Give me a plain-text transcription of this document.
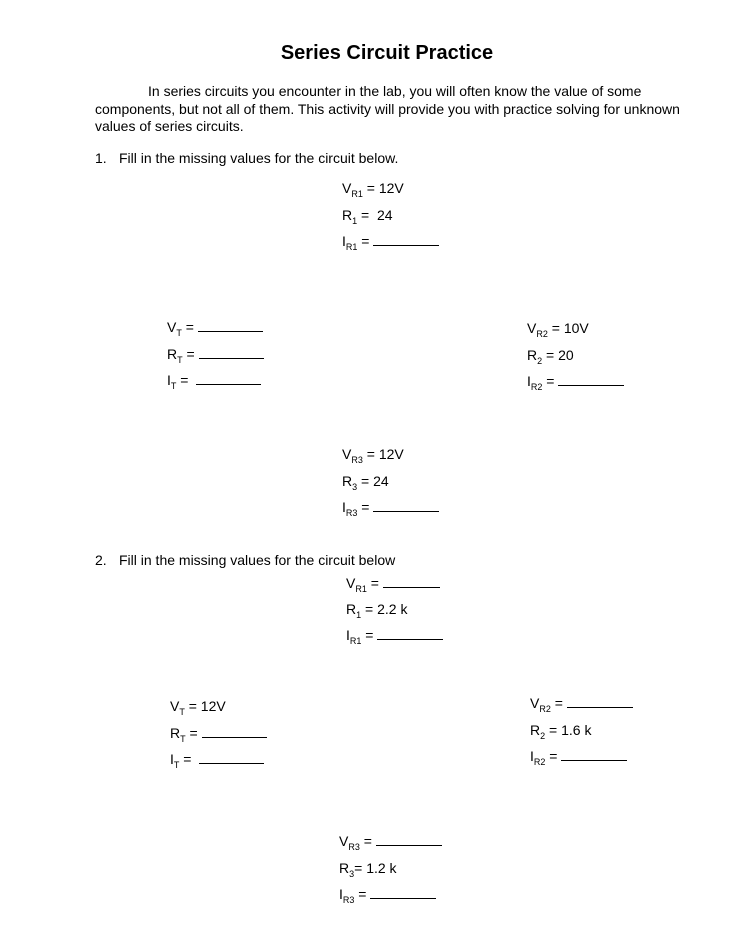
Series Circuit Practice
In series circuits you encounter in the lab, you will often know the value of some components, but not all of them. This activity will provide you with practice solving for unknown values of series circuits.
1. Fill in the missing values for the circuit below.
$V_{R1} = 12V$
$R_1 = 24$
$I_{R1}$ =
$V_T$ =
$R_T$ =
$I_T$ =
$V_{R2} = 10V$
$R_2 = 20$
$I_{R2}$ =
$V_{R3} = 12V$
$R_3 = 24$
$I_{R3}$ =
2. Fill in the missing values for the circuit below
$V_{R1}$ =
$R_1 = 2.2$ k
$I_{R1}$ =
$V_T = 12V$
$R_T$ =
$I_T$ =
$V_{R2}$ =
$R_2 = 1.6$ k
$I_{R2}$ =
$V_{R3}$ =
$R_3= 1.2$ k
$I_{R3}$ =
